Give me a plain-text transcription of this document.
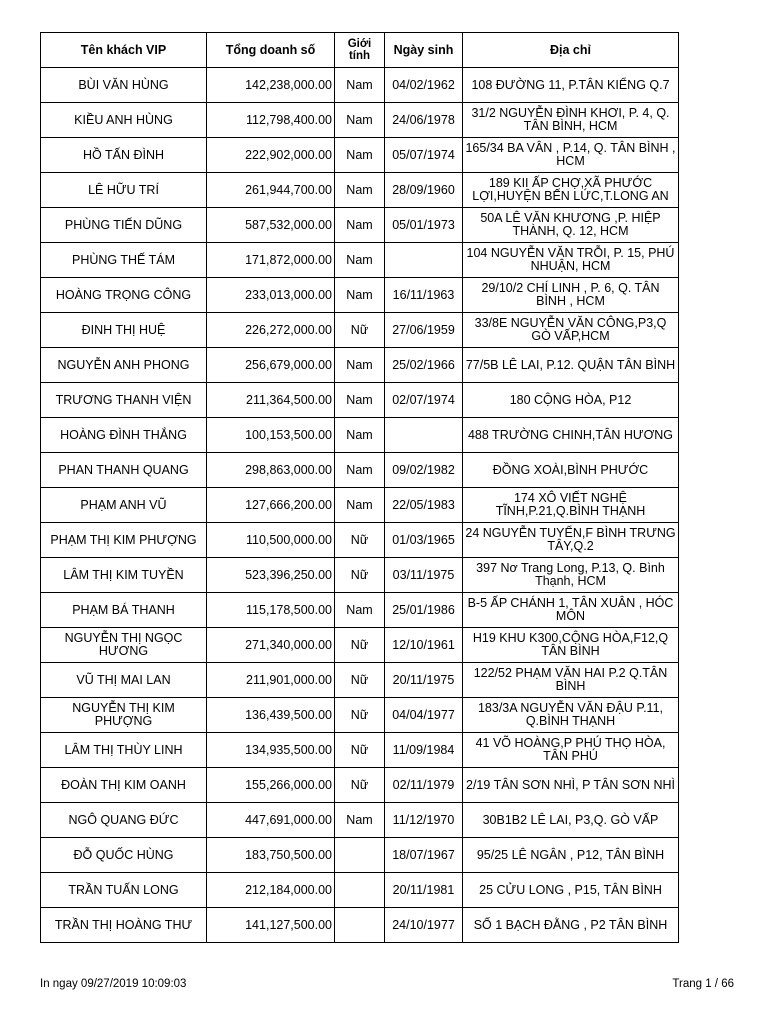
Tên khách VIP	Tổng doanh số	Giới tính	Ngày sinh	Địa chỉ
BÙI VĂN HÙNG	142,238,000.00	Nam	04/02/1962	108 ĐƯỜNG 11, P.TÂN KIỂNG Q.7
KIỀU ANH HÙNG	112,798,400.00	Nam	24/06/1978	31/2 NGUYỄN ĐÌNH KHƠI, P. 4, Q. TÂN BÌNH, HCM
HỒ TẤN ĐÌNH	222,902,000.00	Nam	05/07/1974	165/34 BA VÂN , P.14, Q. TÂN BÌNH , HCM
LÊ HỮU TRÍ	261,944,700.00	Nam	28/09/1960	189 KII ẤP CHỢ,XÃ PHƯỚC LỢI,HUYỆN BẾN LỨC,T.LONG AN
PHÙNG TIẾN DŨNG	587,532,000.00	Nam	05/01/1973	50A LÊ VĂN KHƯƠNG ,P. HIỆP THÀNH, Q. 12, HCM
PHÙNG THẾ TÁM	171,872,000.00	Nam		104 NGUYỄN VĂN TRỖI, P. 15, PHÚ NHUẬN, HCM
HOÀNG TRỌNG CÔNG	233,013,000.00	Nam	16/11/1963	29/10/2 CHÍ LINH , P. 6, Q. TÂN BÌNH , HCM
ĐINH THỊ HUỆ	226,272,000.00	Nữ	27/06/1959	33/8E NGUYỄN VĂN CÔNG,P3,Q GÒ VẤP,HCM
NGUYỄN ANH PHONG	256,679,000.00	Nam	25/02/1966	77/5B LÊ LAI, P.12. QUẬN TÂN BÌNH
TRƯƠNG THANH VIỆN	211,364,500.00	Nam	02/07/1974	180 CỘNG HÒA, P12
HOÀNG ĐÌNH THẮNG	100,153,500.00	Nam		488 TRƯỜNG CHINH,TÂN HƯƠNG
PHAN THANH QUANG	298,863,000.00	Nam	09/02/1982	ĐỒNG XOÀI,BÌNH PHƯỚC
PHẠM ANH VŨ	127,666,200.00	Nam	22/05/1983	174 XÔ VIẾT NGHỆ TĨNH,P.21,Q.BÌNH THẠNH
PHẠM THỊ KIM PHƯỢNG	110,500,000.00	Nữ	01/03/1965	24 NGUYỄN TUYỂN,F BÌNH TRƯNG TÂY,Q.2
LÂM THỊ KIM TUYỀN	523,396,250.00	Nữ	03/11/1975	397 Nơ Trang Long, P.13, Q. Bình Thạnh, HCM
PHẠM BÁ THANH	115,178,500.00	Nam	25/01/1986	B-5 ẤP CHÁNH 1, TÂN XUÂN , HÓC MÔN
NGUYỄN THỊ NGỌC HƯƠNG	271,340,000.00	Nữ	12/10/1961	H19 KHU K300,CỘNG HÒA,F12,Q TÂN BÌNH
VŨ THỊ MAI LAN	211,901,000.00	Nữ	20/11/1975	122/52 PHẠM VĂN HAI P.2 Q.TÂN BÌNH
NGUYỄN THỊ KIM PHƯỢNG	136,439,500.00	Nữ	04/04/1977	183/3A NGUYỄN VĂN ĐẬU P.11, Q.BÌNH THẠNH
LÂM THỊ THÙY LINH	134,935,500.00	Nữ	11/09/1984	41 VÕ HOÀNG,P PHÚ THỌ HÒA, TÂN PHÚ
ĐOÀN THỊ KIM OANH	155,266,000.00	Nữ	02/11/1979	2/19 TÂN SƠN NHÌ, P TÂN SƠN NHÌ
NGÔ QUANG ĐỨC	447,691,000.00	Nam	11/12/1970	30B1B2 LÊ LAI, P3,Q. GÒ VẤP
ĐỖ QUỐC HÙNG	183,750,500.00		18/07/1967	95/25 LÊ NGÂN , P12, TÂN BÌNH
TRẦN TUẤN LONG	212,184,000.00		20/11/1981	25 CỬU LONG , P15, TÂN BÌNH
TRẦN THỊ HOÀNG THƯ	141,127,500.00		24/10/1977	SỐ 1 BẠCH ĐẰNG , P2 TÂN BÌNH
In ngay 09/27/2019 10:09:03	Trang 1 / 66
